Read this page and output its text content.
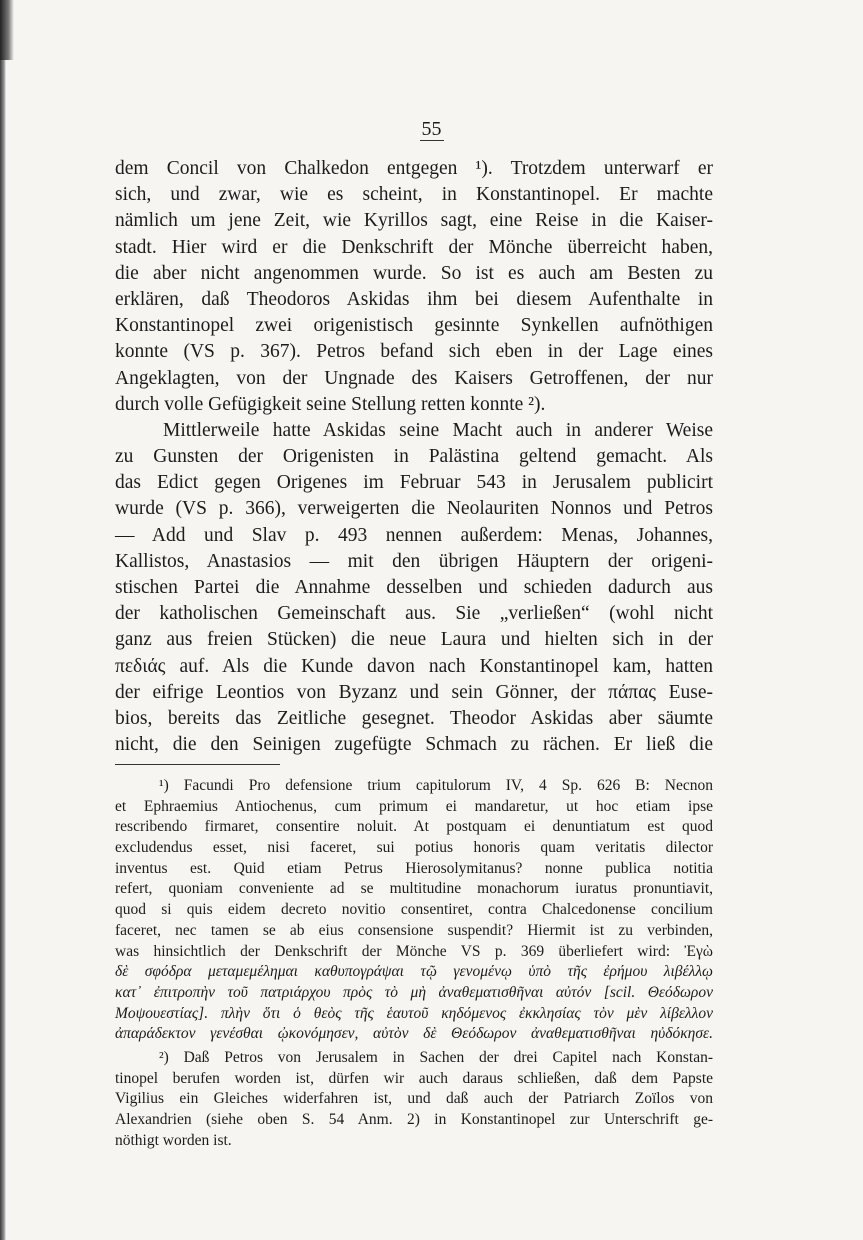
55
dem Concil von Chalkedon entgegen ¹). Trotzdem unterwarf er
sich, und zwar, wie es scheint, in Konstantinopel. Er machte
nämlich um jene Zeit, wie Kyrillos sagt, eine Reise in die Kaiser-
stadt. Hier wird er die Denkschrift der Mönche überreicht haben,
die aber nicht angenommen wurde. So ist es auch am Besten zu
erklären, daß Theodoros Askidas ihm bei diesem Aufenthalte in
Konstantinopel zwei origenistisch gesinnte Synkellen aufnöthigen
konnte (VS p. 367). Petros befand sich eben in der Lage eines
Angeklagten, von der Ungnade des Kaisers Getroffenen, der nur
durch volle Gefügigkeit seine Stellung retten konnte ²).
Mittlerweile hatte Askidas seine Macht auch in anderer Weise
zu Gunsten der Origenisten in Palästina geltend gemacht. Als
das Edict gegen Origenes im Februar 543 in Jerusalem publicirt
wurde (VS p. 366), verweigerten die Neolauriten Nonnos und Petros
— Add und Slav p. 493 nennen außerdem: Menas, Johannes,
Kallistos, Anastasios — mit den übrigen Häuptern der origeni-
stischen Partei die Annahme desselben und schieden dadurch aus
der katholischen Gemeinschaft aus. Sie „verließen“ (wohl nicht
ganz aus freien Stücken) die neue Laura und hielten sich in der
πεδιάς auf. Als die Kunde davon nach Konstantinopel kam, hatten
der eifrige Leontios von Byzanz und sein Gönner, der πάπας Euse-
bios, bereits das Zeitliche gesegnet. Theodor Askidas aber säumte
nicht, die den Seinigen zugefügte Schmach zu rächen. Er ließ die
¹) Facundi Pro defensione trium capitulorum IV, 4 Sp. 626 B: Necnon
et Ephraemius Antiochenus, cum primum ei mandaretur, ut hoc etiam ipse
rescribendo firmaret, consentire noluit. At postquam ei denuntiatum est quod
excludendus esset, nisi faceret, sui potius honoris quam veritatis dilector
inventus est. Quid etiam Petrus Hierosolymitanus? nonne publica notitia
refert, quoniam conveniente ad se multitudine monachorum iuratus pronuntiavit,
quod si quis eidem decreto novitio consentiret, contra Chalcedonense concilium
faceret, nec tamen se ab eius consensione suspendit? Hiermit ist zu verbinden,
was hinsichtlich der Denkschrift der Mönche VS p. 369 überliefert wird: Ἐγὼ
δὲ σφόδρα μεταμεμέλημαι καθυπογράψαι τῷ γενομένῳ ὑπὸ τῆς ἐρήμου λιβέλλῳ
κατ᾽ ἐπιτροπὴν τοῦ πατριάρχου πρὸς τὸ μὴ ἀναθεματισθῆναι αὐτόν [scil. Θεόδωρον
Μοψουεστίας]. πλὴν ὅτι ὁ θεὸς τῆς ἑαυτοῦ κηδόμενος ἐκκλησίας τὸν μὲν λίβελλον
ἀπαράδεκτον γενέσθαι ᾠκονόμησεν, αὐτὸν δὲ Θεόδωρον ἀναθεματισθῆναι ηὐδόκησε.
²) Daß Petros von Jerusalem in Sachen der drei Capitel nach Konstan-
tinopel berufen worden ist, dürfen wir auch daraus schließen, daß dem Papste
Vigilius ein Gleiches widerfahren ist, und daß auch der Patriarch Zoïlos von
Alexandrien (siehe oben S. 54 Anm. 2) in Konstantinopel zur Unterschrift ge-
nöthigt worden ist.
